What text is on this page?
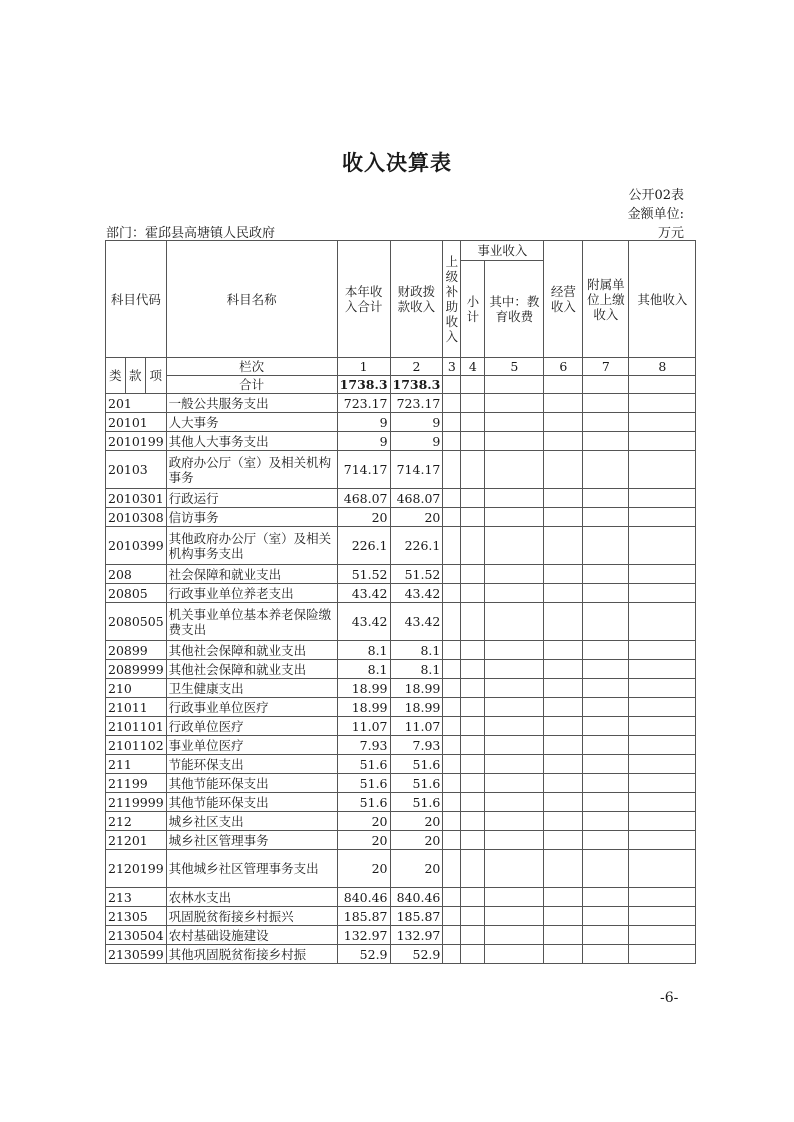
收入决算表
公开02表
金额单位:
万元
部门：霍邱县高塘镇人民政府
科目代码			科目名称	本年收入合计	财政拨款收入	上级补助收入	事业收入		经营收入	附属单位上缴收入	其他收入
							小计	其中：教育收费			
类	款	项	栏次	1	2	3	4	5	6	7	8
			合计	1738.3	1738.3						
201			一般公共服务支出	723.17	723.17						
20101			人大事务	9	9						
2010199			其他人大事务支出	9	9						
20103			政府办公厅（室）及相关机构事务	714.17	714.17						
2010301			行政运行	468.07	468.07						
2010308			信访事务	20	20						
2010399			其他政府办公厅（室）及相关机构事务支出	226.1	226.1						
208			社会保障和就业支出	51.52	51.52						
20805			行政事业单位养老支出	43.42	43.42						
2080505			机关事业单位基本养老保险缴费支出	43.42	43.42						
20899			其他社会保障和就业支出	8.1	8.1						
2089999			其他社会保障和就业支出	8.1	8.1						
210			卫生健康支出	18.99	18.99						
21011			行政事业单位医疗	18.99	18.99						
2101101			行政单位医疗	11.07	11.07						
2101102			事业单位医疗	7.93	7.93						
211			节能环保支出	51.6	51.6						
21199			其他节能环保支出	51.6	51.6						
2119999			其他节能环保支出	51.6	51.6						
212			城乡社区支出	20	20						
21201			城乡社区管理事务	20	20						
2120199			其他城乡社区管理事务支出	20	20						
213			农林水支出	840.46	840.46						
21305			巩固脱贫衔接乡村振兴	185.87	185.87						
2130504			农村基础设施建设	132.97	132.97						
2130599			其他巩固脱贫衔接乡村振	52.9	52.9						
-6-
